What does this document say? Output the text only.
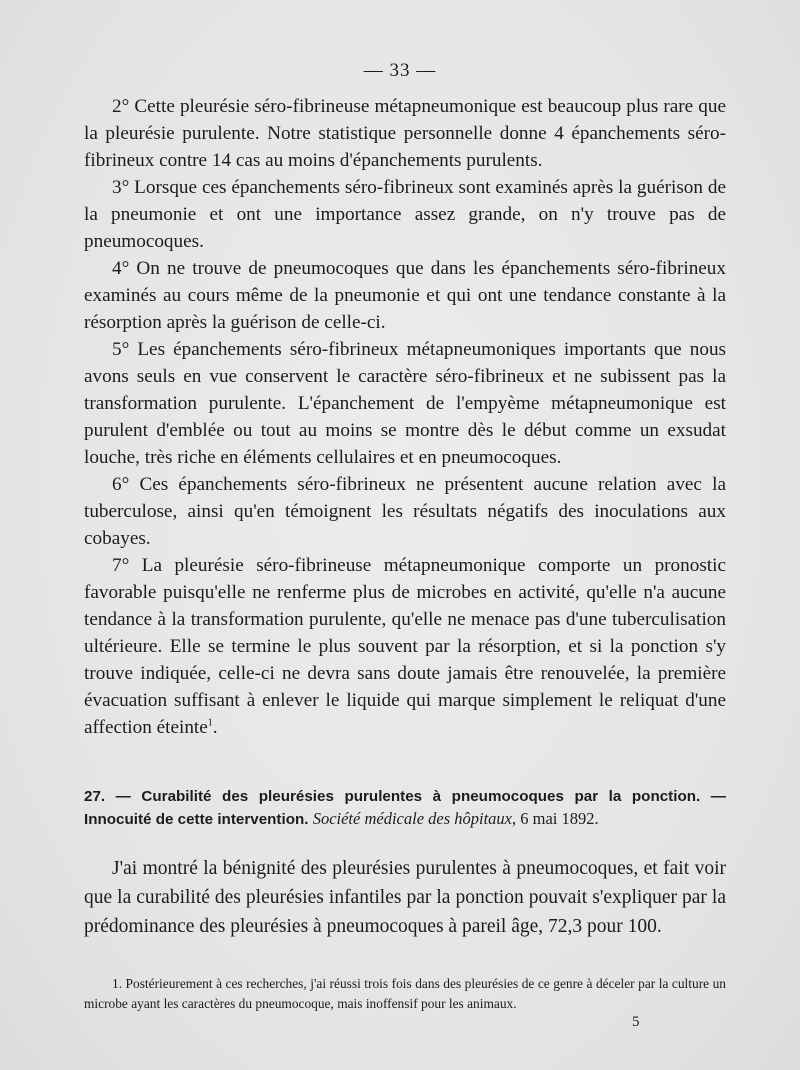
— 33 —

2° Cette pleurésie séro-fibrineuse métapneumonique est beaucoup plus rare que la pleurésie purulente. Notre statistique personnelle donne 4 épanchements séro-fibrineux contre 14 cas au moins d'épanchements purulents.

3° Lorsque ces épanchements séro-fibrineux sont examinés après la guérison de la pneumonie et ont une importance assez grande, on n'y trouve pas de pneumocoques.

4° On ne trouve de pneumocoques que dans les épanchements séro-fibrineux examinés au cours même de la pneumonie et qui ont une tendance constante à la résorption après la guérison de celle-ci.

5° Les épanchements séro-fibrineux métapneumoniques importants que nous avons seuls en vue conservent le caractère séro-fibrineux et ne subissent pas la transformation purulente. L'épanchement de l'empyème métapneumonique est purulent d'emblée ou tout au moins se montre dès le début comme un exsudat louche, très riche en éléments cellulaires et en pneumocoques.

6° Ces épanchements séro-fibrineux ne présentent aucune relation avec la tuberculose, ainsi qu'en témoignent les résultats négatifs des inoculations aux cobayes.

7° La pleurésie séro-fibrineuse métapneumonique comporte un pronostic favorable puisqu'elle ne renferme plus de microbes en activité, qu'elle n'a aucune tendance à la transformation purulente, qu'elle ne menace pas d'une tuberculisation ultérieure. Elle se termine le plus souvent par la résorption, et si la ponction s'y trouve indiquée, celle-ci ne devra sans doute jamais être renouvelée, la première évacuation suffisant à enlever le liquide qui marque simplement le reliquat d'une affection éteinte$^1$.

27. — Curabilité des pleurésies purulentes à pneumocoques par la ponction. — Innocuité de cette intervention. Société médicale des hôpitaux, 6 mai 1892.

J'ai montré la bénignité des pleurésies purulentes à pneumocoques, et fait voir que la curabilité des pleurésies infantiles par la ponction pouvait s'expliquer par la prédominance des pleurésies à pneumocoques à pareil âge, 72,3 pour 100.

1. Postérieurement à ces recherches, j'ai réussi trois fois dans des pleurésies de ce genre à déceler par la culture un microbe ayant les caractères du pneumocoque, mais inoffensif pour les animaux.

5
